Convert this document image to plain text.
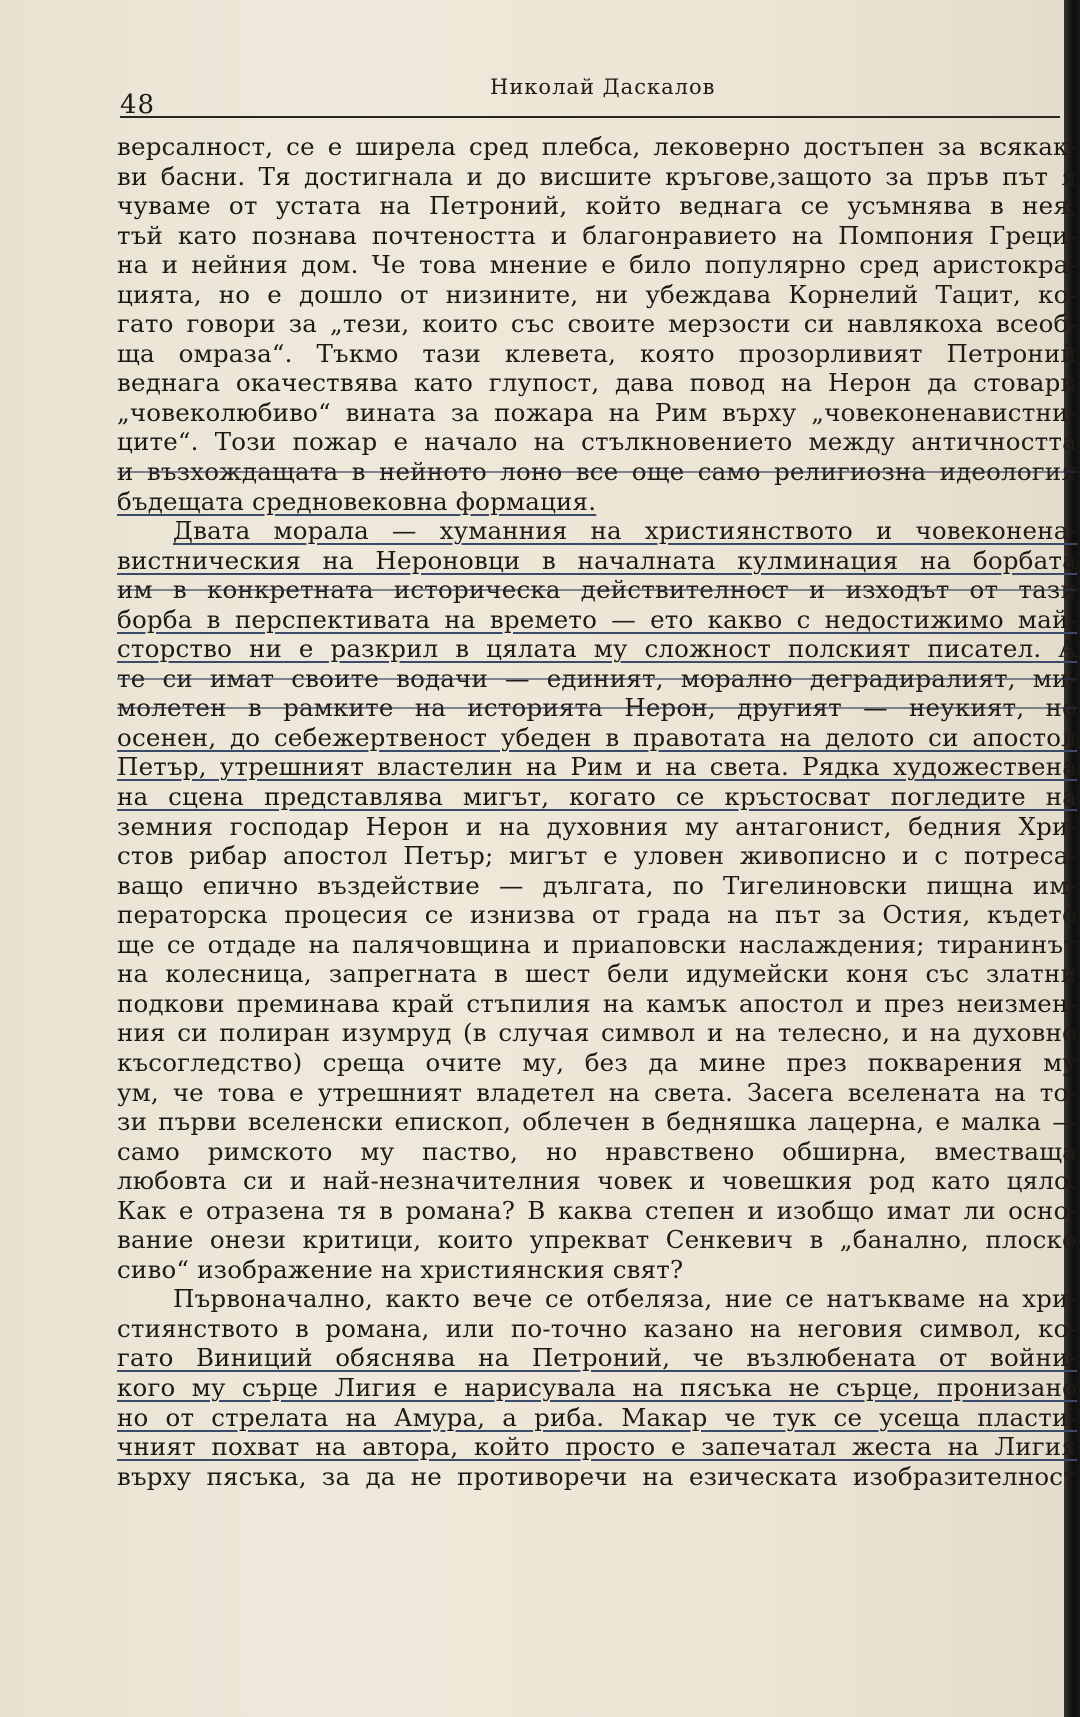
48
Николай Даскалов
версалност, се е ширела сред плебса, лековерно достъпен за всякак-
ви басни. Тя достигнала и до висшите кръгове,защото за пръв път я
чуваме от устата на Петроний, който веднага се усъмнява в нея,
тъй като познава почтеността и благонравието на Помпония Греци-
на и нейния дом. Че това мнение е било популярно сред аристокра-
цията, но е дошло от низините, ни убеждава Корнелий Тацит, ко-
гато говори за „тези, които със своите мерзости си навлякоха всеоб-
ща омраза“. Тъкмо тази клевета, която прозорливият Петроний
веднага окачествява като глупост, дава повод на Нерон да стовари
„човеколюбиво“ вината за пожара на Рим върху „човеконенавистни-
ците“. Този пожар е начало на стълкновението между античността
и възхождащата в нейното лоно все още само религиозна идеология
бъдещата средновековна формация.
Двата морала — хуманния на християнството и човеконена-
вистническия на Нероновци в началната кулминация на борбата
им в конкретната историческа действителност и изходът от тази
борба в перспективата на времето — ето какво с недостижимо май-
сторство ни е разкрил в цялата му сложност полският писател. А
те си имат своите водачи — единият, морално деградиралият, ми-
молетен в рамките на историята Нерон, другият — неукият, но
осенен, до себежертвеност убеден в правотата на делото си апостол
Петър, утрешният властелин на Рим и на света. Рядка художествена
на сцена представлява мигът, когато се кръстосват погледите на
земния господар Нерон и на духовния му антагонист, бедния Хри-
стов рибар апостол Петър; мигът е уловен живописно и с потреса-
ващо епично въздействие — дългата, по Тигелиновски пищна им-
ператорска процесия се изнизва от града на път за Остия, където
ще се отдаде на палячовщина и приаповски наслаждения; тиранинът
на колесница, запрегната в шест бели идумейски коня със златни
подкови преминава край стъпилия на камък апостол и през неизмен-
ния си полиран изумруд (в случая символ и на телесно, и на духовно
късогледство) среща очите му, без да мине през покварения му
ум, че това е утрешният владетел на света. Засега вселената на то-
зи първи вселенски епископ, облечен в бедняшка лацерна, е малка —
само римското му паство, но нравствено обширна, вместваща
любовта си и най-незначителния човек и човешкия род като цяло.
Как е отразена тя в романа? В каква степен и изобщо имат ли осно-
вание онези критици, които упрекват Сенкевич в „банално, плоско
сиво“ изображение на християнския свят?
Първоначално, както вече се отбеляза, ние се натъкваме на хри-
стиянството в романа, или по-точно казано на неговия символ, ко-
гато Виниций обяснява на Петроний, че възлюбената от войни-
кого му сърце Лигия е нарисувала на пясъка не сърце, пронизано
но от стрелата на Амура, а риба. Макар че тук се усеща пласти-
чният похват на автора, който просто е запечатал жеста на Лигия
върху пясъка, за да не противоречи на езическата изобразителност
